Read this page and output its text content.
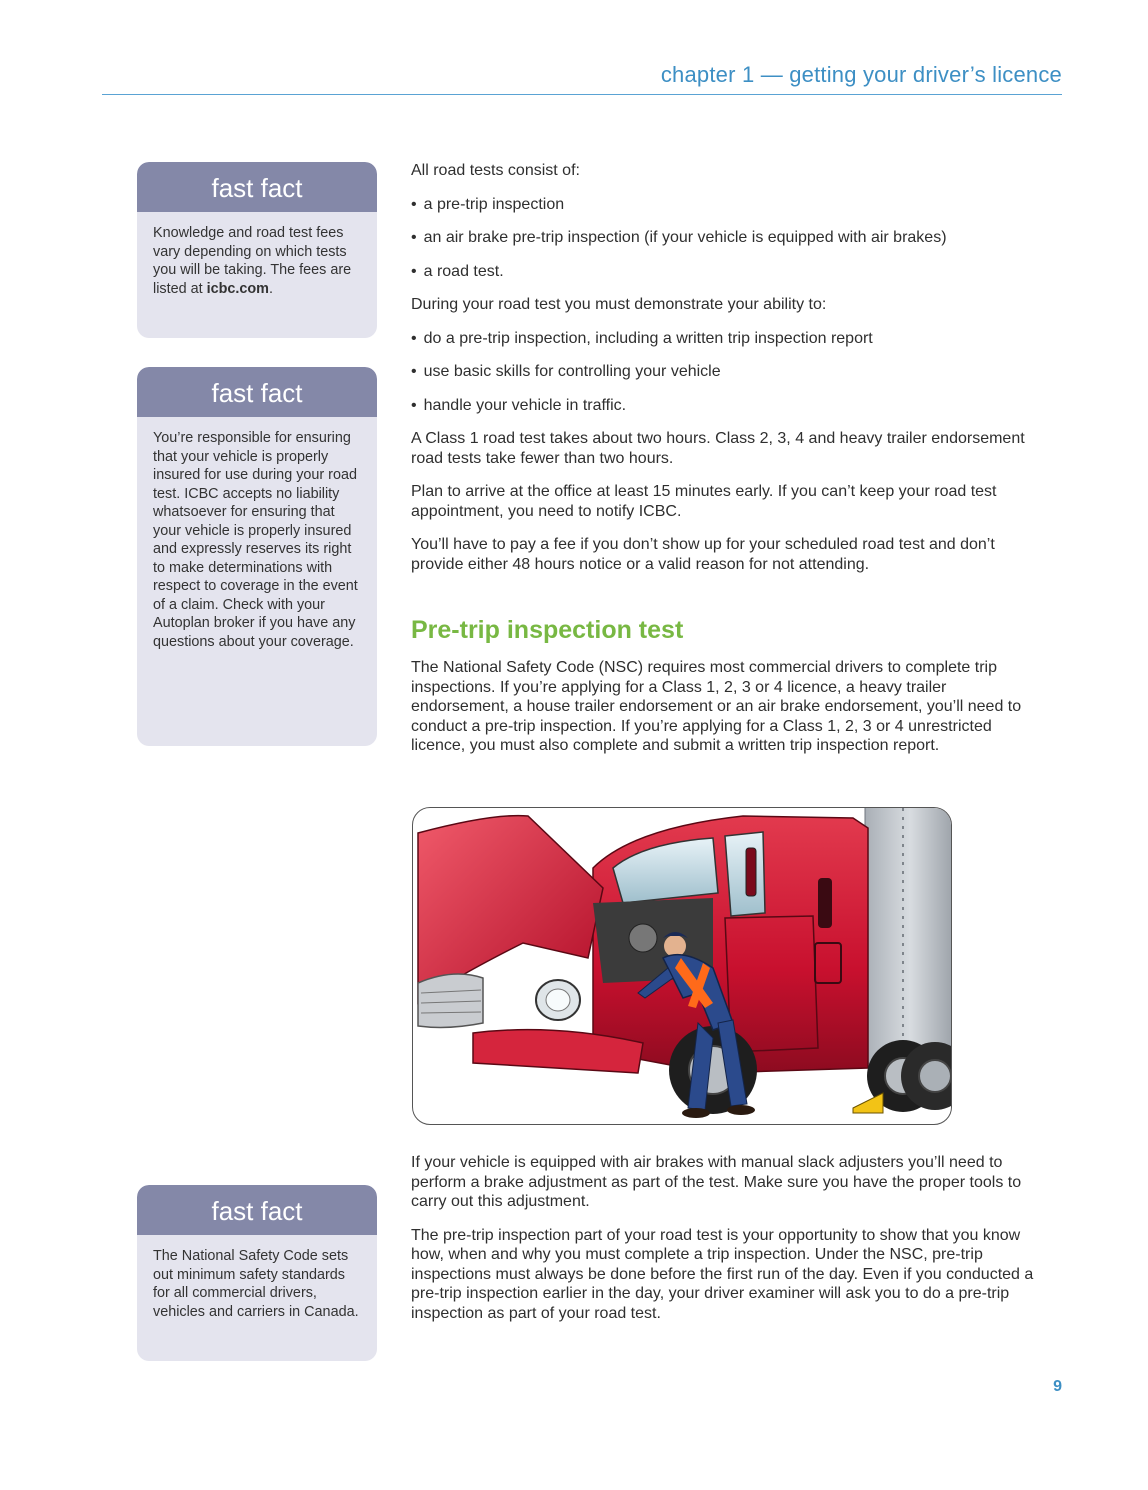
chapter 1 — getting your driver’s licence
fast fact
Knowledge and road test fees vary depending on which tests you will be taking. The fees are listed at icbc.com.
fast fact
You’re responsible for ensuring that your vehicle is properly insured for use during your road test. ICBC accepts no liability whatsoever for ensuring that your vehicle is properly insured and expressly reserves its right to make determinations with respect to coverage in the event of a claim. Check with your Autoplan broker if you have any questions about your coverage.
fast fact
The National Safety Code sets out minimum safety standards for all commercial drivers, vehicles and carriers in Canada.

All road tests consist of:

• a pre-trip inspection
• an air brake pre-trip inspection (if your vehicle is equipped with air brakes)
• a road test.

During your road test you must demonstrate your ability to:

• do a pre-trip inspection, including a written trip inspection report
• use basic skills for controlling your vehicle
• handle your vehicle in traffic.

A Class 1 road test takes about two hours. Class 2, 3, 4 and heavy trailer endorsement road tests take fewer than two hours.

Plan to arrive at the office at least 15 minutes early. If you can’t keep your road test appointment, you need to notify ICBC.

You’ll have to pay a fee if you don’t show up for your scheduled road test and don’t provide either 48 hours notice or a valid reason for not attending.

Pre-trip inspection test

The National Safety Code (NSC) requires most commercial drivers to complete trip inspections. If you’re applying for a Class 1, 2, 3 or 4 licence, a heavy trailer endorsement, a house trailer endorsement or an air brake endorsement, you’ll need to conduct a pre-trip inspection. If you’re applying for a Class 1, 2, 3 or 4 unrestricted licence, you must also complete and submit a written trip inspection report.

If your vehicle is equipped with air brakes with manual slack adjusters you’ll need to perform a brake adjustment as part of the test. Make sure you have the proper tools to carry out this adjustment.

The pre-trip inspection part of your road test is your opportunity to show that you know how, when and why you must complete a trip inspection. Under the NSC, pre-trip inspections must always be done before the first run of the day. Even if you conducted a pre-trip inspection earlier in the day, your driver examiner will ask you to do a pre-trip inspection as part of your road test.

9
